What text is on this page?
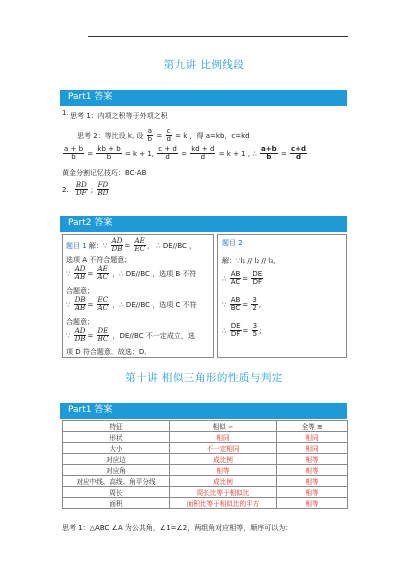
第九讲 比例线段
Part1 答案
1. 思考 1：内项之积等于外项之积
思考 2：等比设 k, 设 $\frac{a}{b} = \frac{c}{d} = k$ ，得 a=kb，c=kd
$\frac{a + b}{b} = \frac{kb + b}{b} = k + 1$, $\frac{c + d}{d} = \frac{kd + d}{d} = k + 1$ , ∴ $\frac{a+b}{b} = \frac{c+d}{d}$
黄金分割记忆技巧：BC·AB
2. $\frac{BD}{DF}$ ; $\frac{FD}{BD}$
Part2 答案
题目 1 解：∵ $\frac{AD}{DB} = \frac{AE}{EC}$ ， ∴ DE//BC ，
选项 A 不符合题意；
∵ $\frac{AD}{AB} = \frac{AE}{AC}$ ，∴ DE//BC ，选项 B 不符
合题意；
∵ $\frac{DB}{AB} = \frac{EC}{AC}$ ，∴ DE//BC ，选项 C 不符
合题意；
∵ $\frac{AD}{DB} = \frac{DE}{BC}$ ，DE//BC 不一定成立，选
项 D 符合题意．故选：D．
题目 2
解：∵l₁ // l₂ // l₃,
∴ $\frac{AB}{AC} = \frac{DE}{DF}$
∵ $\frac{AB}{BC} = \frac{3}{2}$ ,
∴ $\frac{DE}{DF} = \frac{3}{5}$ ;
第十讲 相似三角形的性质与判定
Part1 答案
特征	相似 ∽	全等 ≌
形状	相同	相同
大小	不一定相同	相同
对应边	成比例	相等
对应角	相等	相等
对应中线、高线、角平分线	成比例	相等
周长	周长比等于相似比	相等
面积	面积比等于相似比的平方	相等
思考 1：△ABC ∠A 为公共角，∠1=∠2，两组角对应相等，顺序可以为：
